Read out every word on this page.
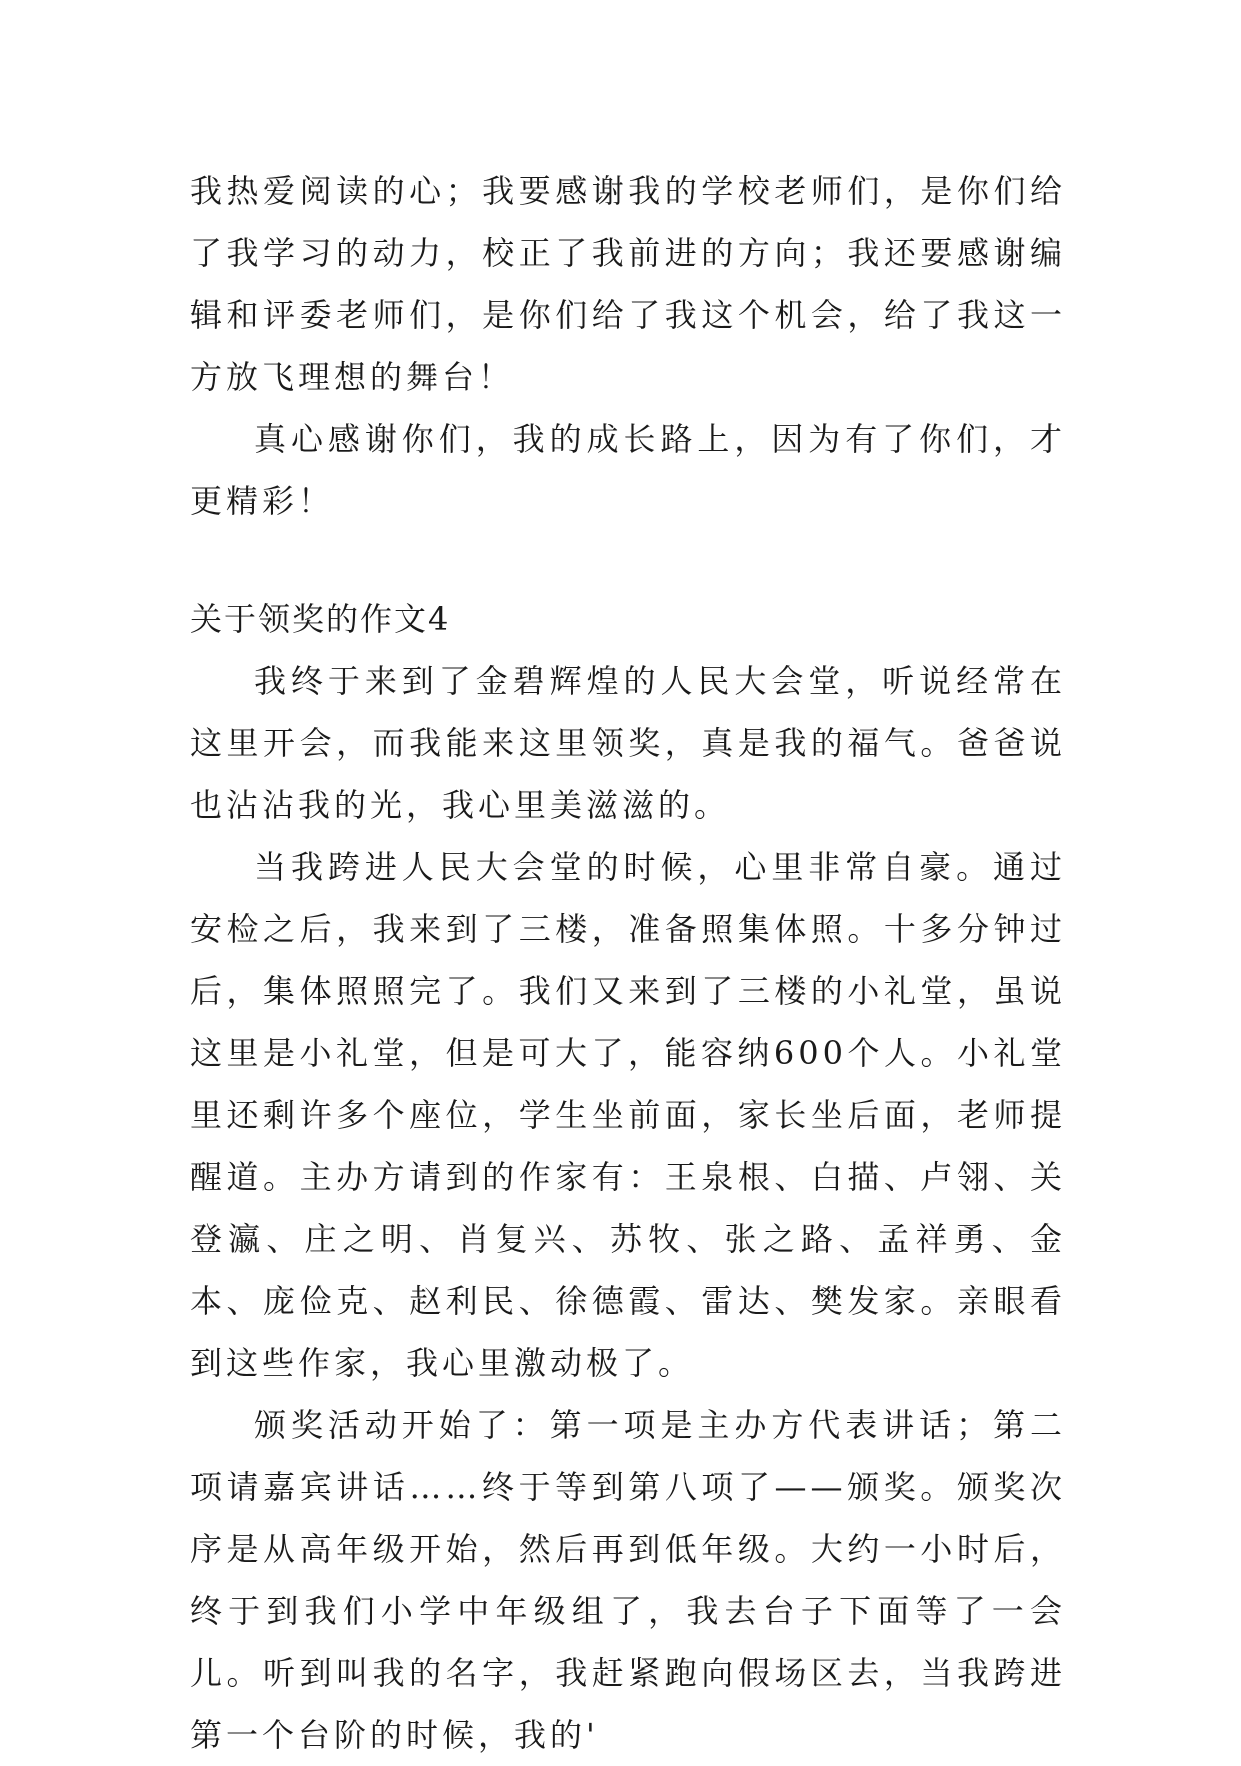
我热爱阅读的心；我要感谢我的学校老师们，是你们给了我学习的动力，校正了我前进的方向；我还要感谢编辑和评委老师们，是你们给了我这个机会，给了我这一方放飞理想的舞台！

真心感谢你们，我的成长路上，因为有了你们，才更精彩！

关于领奖的作文4

我终于来到了金碧辉煌的人民大会堂，听说经常在这里开会，而我能来这里领奖，真是我的福气。爸爸说也沾沾我的光，我心里美滋滋的。

当我跨进人民大会堂的时候，心里非常自豪。通过安检之后，我来到了三楼，准备照集体照。十多分钟过后，集体照照完了。我们又来到了三楼的小礼堂，虽说这里是小礼堂，但是可大了，能容纳600个人。小礼堂里还剩许多个座位，学生坐前面，家长坐后面，老师提醒道。主办方请到的作家有：王泉根、白描、卢翎、关登瀛、庄之明、肖复兴、苏牧、张之路、孟祥勇、金本、庞俭克、赵利民、徐德霞、雷达、樊发家。亲眼看到这些作家，我心里激动极了。

颁奖活动开始了：第一项是主办方代表讲话；第二项请嘉宾讲话……终于等到第八项了——颁奖。颁奖次序是从高年级开始，然后再到低年级。大约一小时后，终于到我们小学中年级组了，我去台子下面等了一会儿。听到叫我的名字，我赶紧跑向假场区去，当我跨进第一个台阶的时候，我的'
